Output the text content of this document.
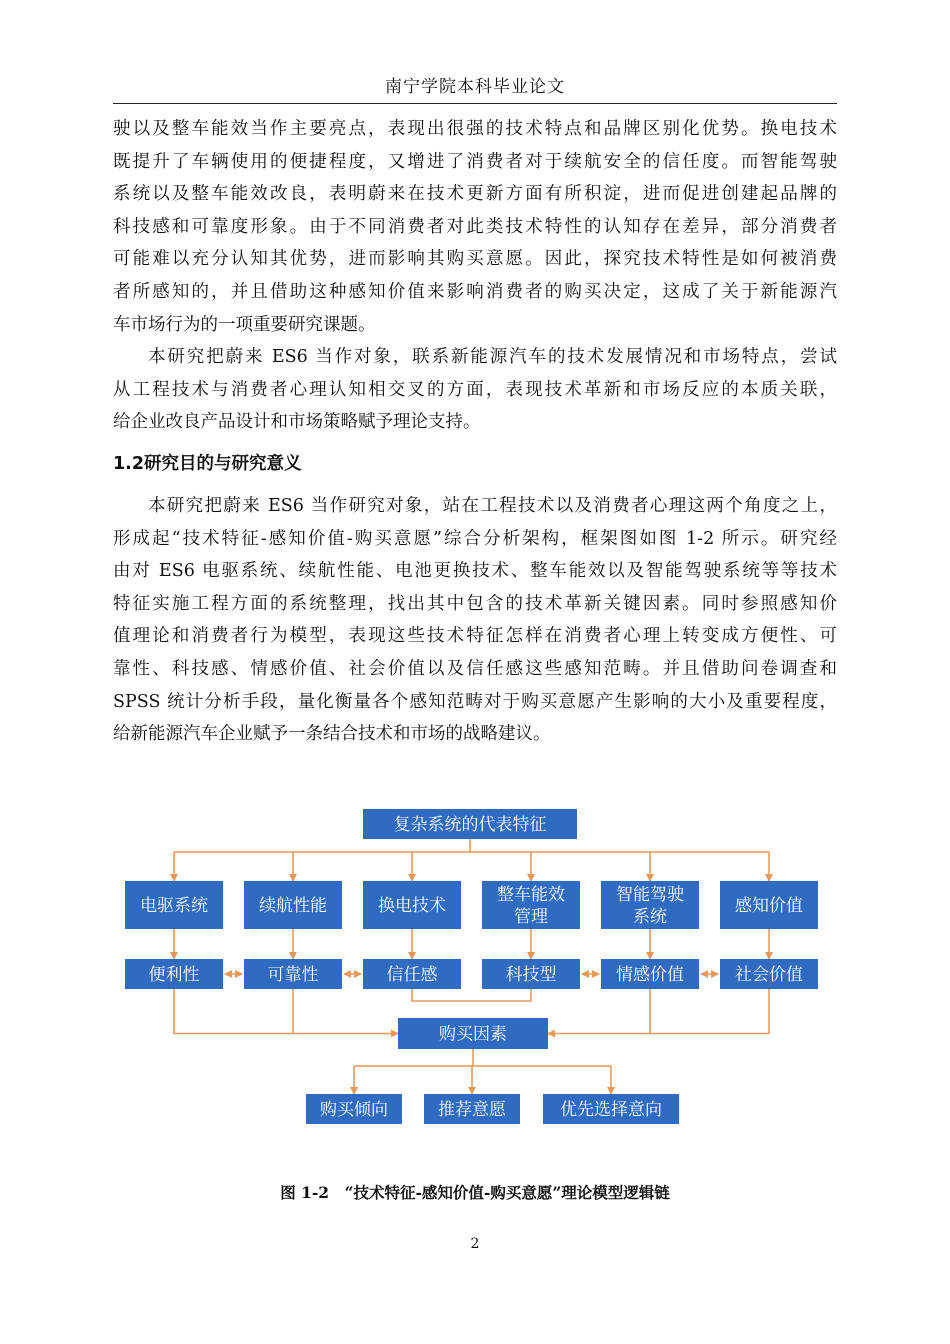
南宁学院本科毕业论文
驶以及整车能效当作主要亮点，表现出很强的技术特点和品牌区别化优势。换电技术
既提升了车辆使用的便捷程度，又增进了消费者对于续航安全的信任度。而智能驾驶
系统以及整车能效改良，表明蔚来在技术更新方面有所积淀，进而促进创建起品牌的
科技感和可靠度形象。由于不同消费者对此类技术特性的认知存在差异，部分消费者
可能难以充分认知其优势，进而影响其购买意愿。因此，探究技术特性是如何被消费
者所感知的，并且借助这种感知价值来影响消费者的购买决定，这成了关于新能源汽
车市场行为的一项重要研究课题。
本研究把蔚来 ES6 当作对象，联系新能源汽车的技术发展情况和市场特点，尝试
从工程技术与消费者心理认知相交叉的方面，表现技术革新和市场反应的本质关联，
给企业改良产品设计和市场策略赋予理论支持。
1.2研究目的与研究意义
本研究把蔚来 ES6 当作研究对象，站在工程技术以及消费者心理这两个角度之上，
形成起“技术特征-感知价值-购买意愿”综合分析架构，框架图如图 1-2 所示。研究经
由对 ES6 电驱系统、续航性能、电池更换技术、整车能效以及智能驾驶系统等等技术
特征实施工程方面的系统整理，找出其中包含的技术革新关键因素。同时参照感知价
值理论和消费者行为模型，表现这些技术特征怎样在消费者心理上转变成方便性、可
靠性、科技感、情感价值、社会价值以及信任感这些感知范畴。并且借助问卷调查和
SPSS 统计分析手段，量化衡量各个感知范畴对于购买意愿产生影响的大小及重要程度，
给新能源汽车企业赋予一条结合技术和市场的战略建议。
复杂系统的代表特征
电驱系统	续航性能	换电技术
整车能效管理
智能驾驶系统
感知价值
便利性	可靠性	信任感	科技型	情感价值	社会价值
购买因素
购买倾向	推荐意愿	优先选择意向
图 1-2　“技术特征-感知价值-购买意愿”理论模型逻辑链
2
